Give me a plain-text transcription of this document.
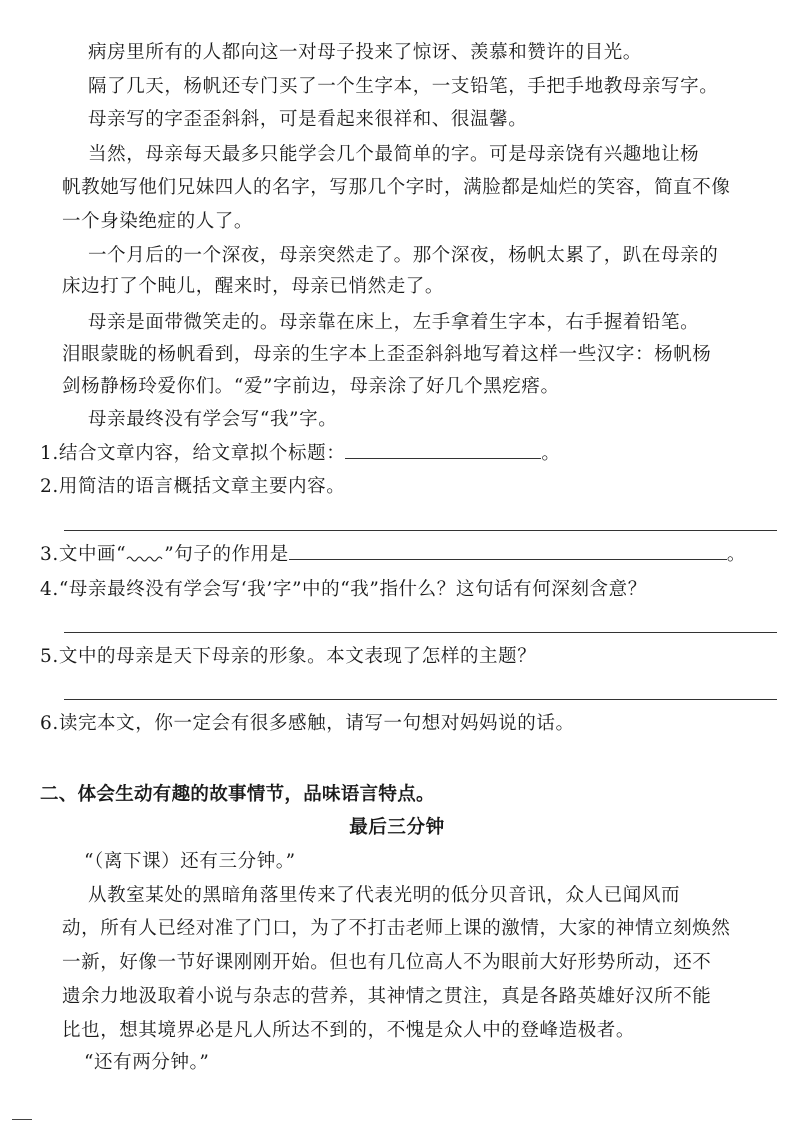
病房里所有的人都向这一对母子投来了惊讶、羡慕和赞许的目光。
隔了几天，杨帆还专门买了一个生字本，一支铅笔，手把手地教母亲写字。
母亲写的字歪歪斜斜，可是看起来很祥和、很温馨。
当然，母亲每天最多只能学会几个最简单的字。可是母亲饶有兴趣地让杨
帆教她写他们兄妹四人的名字，写那几个字时，满脸都是灿烂的笑容，简直不像
一个身染绝症的人了。
一个月后的一个深夜，母亲突然走了。那个深夜，杨帆太累了，趴在母亲的
床边打了个盹儿，醒来时，母亲已悄然走了。
母亲是面带微笑走的。母亲靠在床上，左手拿着生字本，右手握着铅笔。
泪眼蒙眬的杨帆看到，母亲的生字本上歪歪斜斜地写着这样一些汉字：杨帆杨
剑杨静杨玲爱你们。“爱”字前边，母亲涂了好几个黑疙瘩。
母亲最终没有学会写“我”字。
1.结合文章内容，给文章拟个标题：	。
2.用简洁的语言概括文章主要内容。
3.文中画“ ”句子的作用是	。
4.“母亲最终没有学会写‘我’字”中的“我”指什么？这句话有何深刻含意？
5.文中的母亲是天下母亲的形象。本文表现了怎样的主题？
6.读完本文，你一定会有很多感触，请写一句想对妈妈说的话。
二、体会生动有趣的故事情节，品味语言特点。
最后三分钟
“（离下课）还有三分钟。”
从教室某处的黑暗角落里传来了代表光明的低分贝音讯，众人已闻风而
动，所有人已经对准了门口，为了不打击老师上课的激情，大家的神情立刻焕然
一新，好像一节好课刚刚开始。但也有几位高人不为眼前大好形势所动，还不
遗余力地汲取着小说与杂志的营养，其神情之贯注，真是各路英雄好汉所不能
比也，想其境界必是凡人所达不到的，不愧是众人中的登峰造极者。
“还有两分钟。”
